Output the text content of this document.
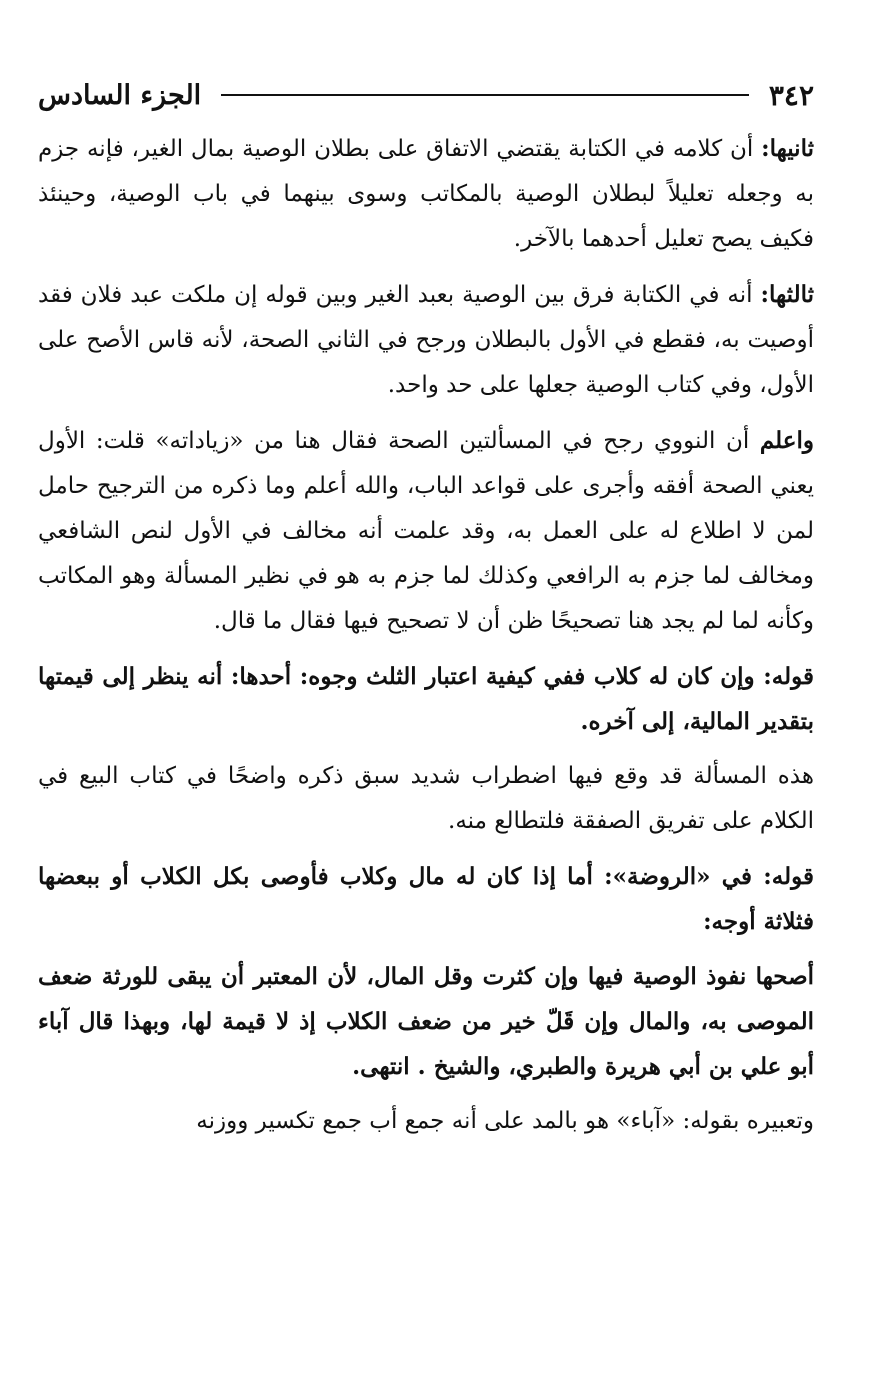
٣٤٢
الجزء السادس

ثانيها: أن كلامه في الكتابة يقتضي الاتفاق على بطلان الوصية بمال الغير، فإنه جزم به وجعله تعليلاً لبطلان الوصية بالمكاتب وسوى بينهما في باب الوصية، وحينئذ فكيف يصح تعليل أحدهما بالآخر.

ثالثها: أنه في الكتابة فرق بين الوصية بعبد الغير وبين قوله إن ملكت عبد فلان فقد أوصيت به، فقطع في الأول بالبطلان ورجح في الثاني الصحة، لأنه قاس الأصح على الأول، وفي كتاب الوصية جعلها على حد واحد.

واعلم أن النووي رجح في المسألتين الصحة فقال هنا من «زياداته» قلت: الأول يعني الصحة أفقه وأجرى على قواعد الباب، والله أعلم وما ذكره من الترجيح حامل لمن لا اطلاع له على العمل به، وقد علمت أنه مخالف في الأول لنص الشافعي ومخالف لما جزم به الرافعي وكذلك لما جزم به هو في نظير المسألة وهو المكاتب وكأنه لما لم يجد هنا تصحيحًا ظن أن لا تصحيح فيها فقال ما قال.

قوله: وإن كان له كلاب ففي كيفية اعتبار الثلث وجوه: أحدها: أنه ينظر إلى قيمتها بتقدير المالية، إلى آخره.

هذه المسألة قد وقع فيها اضطراب شديد سبق ذكره واضحًا في كتاب البيع في الكلام على تفريق الصفقة فلتطالع منه.

قوله: في «الروضة»: أما إذا كان له مال وكلاب فأوصى بكل الكلاب أو ببعضها فثلاثة أوجه:

أصحها نفوذ الوصية فيها وإن كثرت وقل المال، لأن المعتبر أن يبقى للورثة ضعف الموصى به، والمال وإن قَلّ خير من ضعف الكلاب إذ لا قيمة لها، وبهذا قال آباء أبو علي بن أبي هريرة والطبري، والشيخ . انتهى.

وتعبيره بقوله: «آباء» هو بالمد على أنه جمع أب جمع تكسير ووزنه
